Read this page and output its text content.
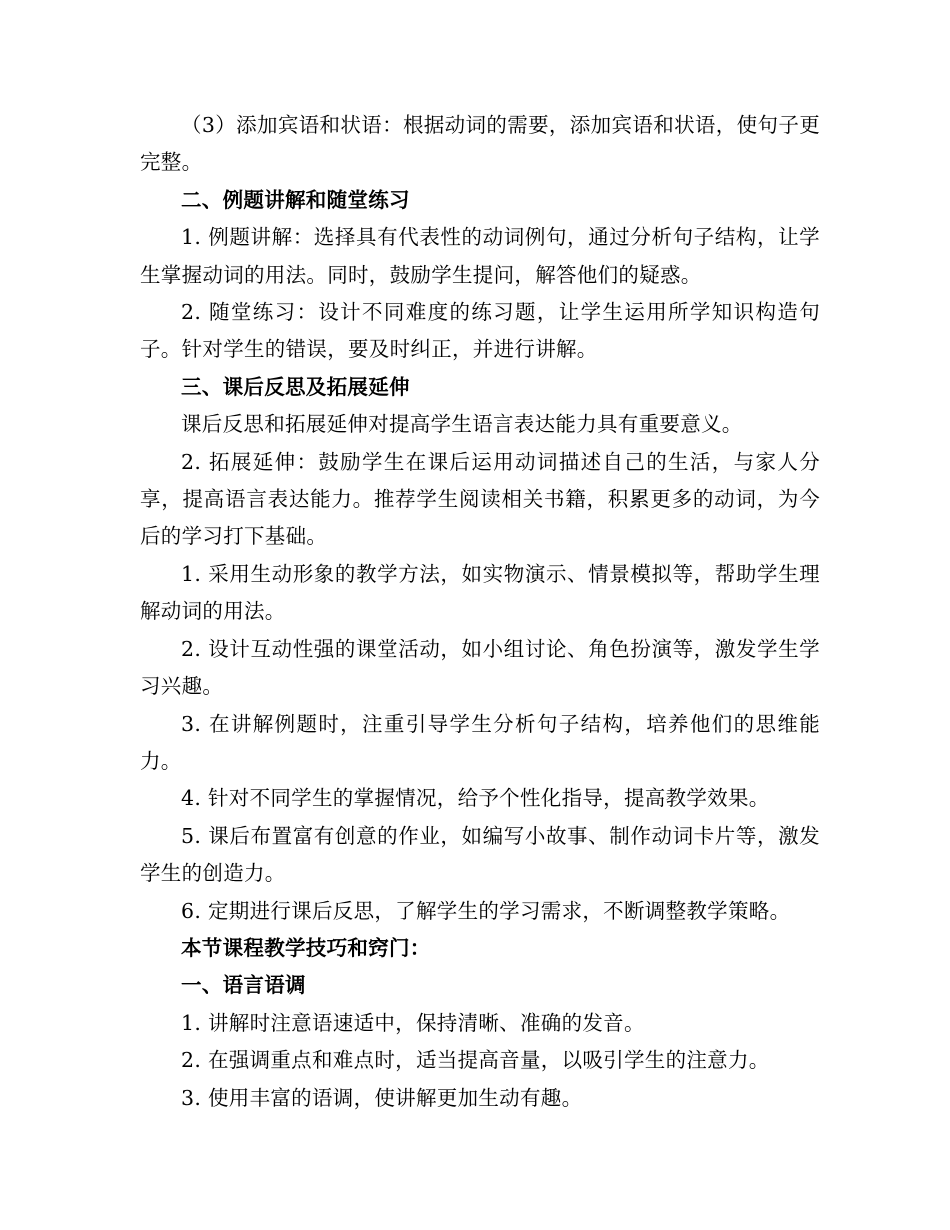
（3）添加宾语和状语：根据动词的需要，添加宾语和状语，使句子更完整。

二、例题讲解和随堂练习

1. 例题讲解：选择具有代表性的动词例句，通过分析句子结构，让学生掌握动词的用法。同时，鼓励学生提问，解答他们的疑惑。

2. 随堂练习：设计不同难度的练习题，让学生运用所学知识构造句子。针对学生的错误，要及时纠正，并进行讲解。

三、课后反思及拓展延伸

课后反思和拓展延伸对提高学生语言表达能力具有重要意义。

2. 拓展延伸：鼓励学生在课后运用动词描述自己的生活，与家人分享，提高语言表达能力。推荐学生阅读相关书籍，积累更多的动词，为今后的学习打下基础。

1. 采用生动形象的教学方法，如实物演示、情景模拟等，帮助学生理解动词的用法。

2. 设计互动性强的课堂活动，如小组讨论、角色扮演等，激发学生学习兴趣。

3. 在讲解例题时，注重引导学生分析句子结构，培养他们的思维能力。

4. 针对不同学生的掌握情况，给予个性化指导，提高教学效果。

5. 课后布置富有创意的作业，如编写小故事、制作动词卡片等，激发学生的创造力。

6. 定期进行课后反思，了解学生的学习需求，不断调整教学策略。

本节课程教学技巧和窍门：

一、语言语调

1. 讲解时注意语速适中，保持清晰、准确的发音。

2. 在强调重点和难点时，适当提高音量，以吸引学生的注意力。

3. 使用丰富的语调，使讲解更加生动有趣。
